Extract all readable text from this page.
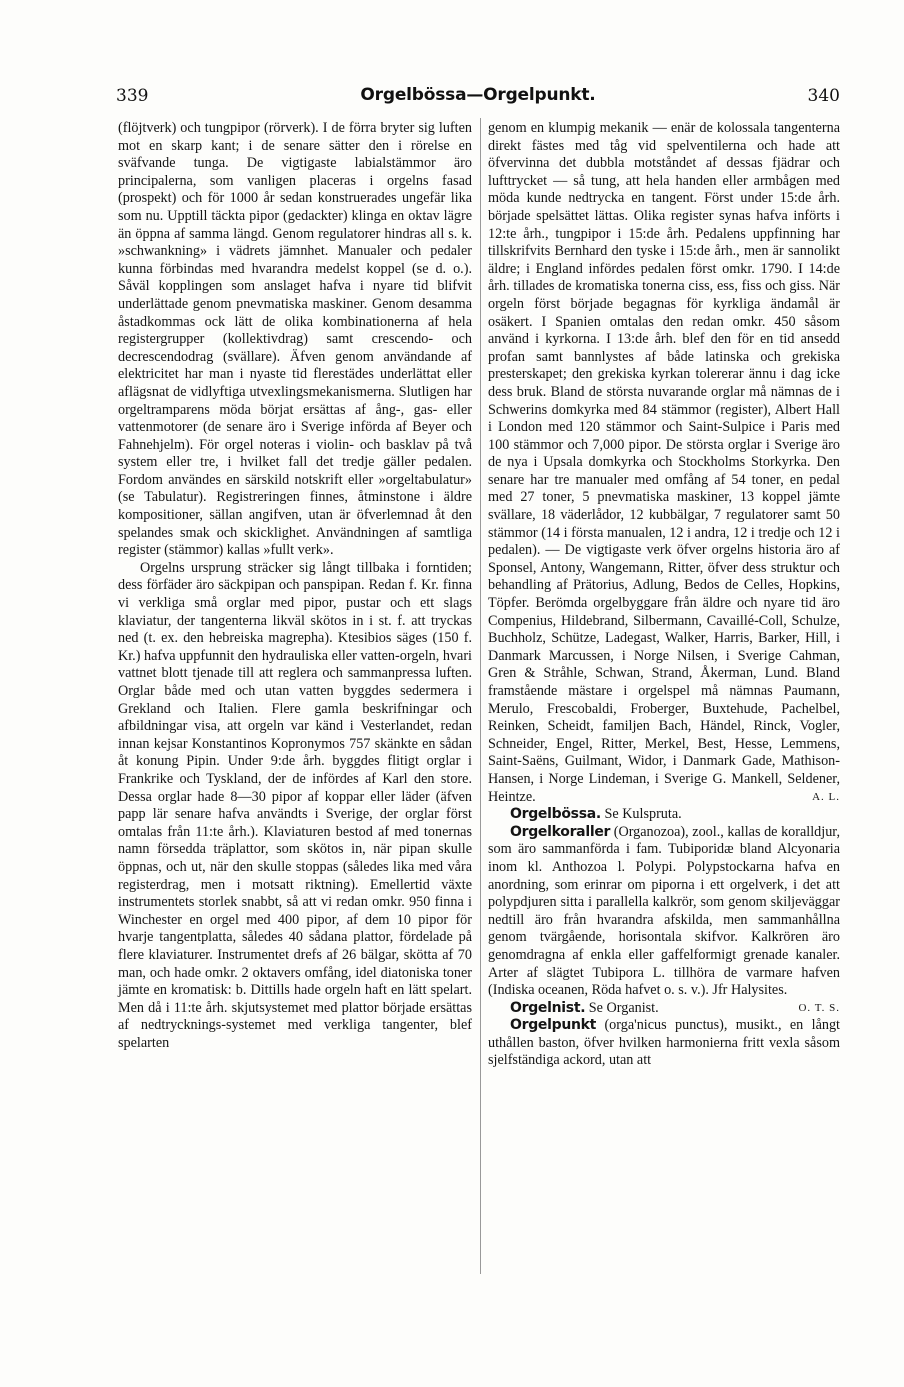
339	Orgelbössa—Orgelpunkt.	340

(flöjtverk) och tungpipor (rörverk). I de förra bryter sig luften mot en skarp kant; i de senare sätter den i rörelse en sväfvande tunga. De vigtigaste labialstämmor äro principalerna, som vanligen placeras i orgelns fasad (prospekt) och för 1000 år sedan konstruerades ungefär lika som nu. Upptill täckta pipor (gedackter) klinga en oktav lägre än öppna af samma längd. Genom regulatorer hindras all s. k. »schwankning» i vädrets jämnhet. Manualer och pedaler kunna förbindas med hvarandra medelst koppel (se d. o.). Såväl kopplingen som anslaget hafva i nyare tid blifvit underlättade genom pnevmatiska maskiner. Genom desamma åstadkommas ock lätt de olika kombinationerna af hela registergrupper (kollektivdrag) samt crescendo- och decrescendodrag (svällare). Äfven genom användande af elektricitet har man i nyaste tid flerestädes underlättat eller aflägsnat de vidlyftiga utvexlingsmekanismerna. Slutligen har orgeltramparens möda börjat ersättas af ång-, gas- eller vattenmotorer (de senare äro i Sverige införda af Beyer och Fahnehjelm). För orgel noteras i violin- och basklav på två system eller tre, i hvilket fall det tredje gäller pedalen. Fordom användes en särskild notskrift eller »orgeltabulatur» (se Tabulatur). Registreringen finnes, åtminstone i äldre kompositioner, sällan angifven, utan är öfverlemnad åt den spelandes smak och skicklighet. Användningen af samtliga register (stämmor) kallas »fullt verk».

Orgelns ursprung sträcker sig långt tillbaka i forntiden; dess förfäder äro säckpipan och panspipan. Redan f. Kr. finna vi verkliga små orglar med pipor, pustar och ett slags klaviatur, der tangenterna likväl skötos in i st. f. att tryckas ned (t. ex. den hebreiska magrepha). Ktesibios säges (150 f. Kr.) hafva uppfunnit den hydrauliska eller vatten-orgeln, hvari vattnet blott tjenade till att reglera och sammanpressa luften. Orglar både med och utan vatten byggdes sedermera i Grekland och Italien. Flere gamla beskrifningar och afbildningar visa, att orgeln var känd i Vesterlandet, redan innan kejsar Konstantinos Kopronymos 757 skänkte en sådan åt konung Pipin. Under 9:de årh. byggdes flitigt orglar i Frankrike och Tyskland, der de infördes af Karl den store. Dessa orglar hade 8—30 pipor af koppar eller läder (äfven papp lär senare hafva användts i Sverige, der orglar först omtalas från 11:te årh.). Klaviaturen bestod af med tonernas namn försedda träplattor, som skötos in, när pipan skulle öppnas, och ut, när den skulle stoppas (således lika med våra registerdrag, men i motsatt riktning). Emellertid växte instrumentets storlek snabbt, så att vi redan omkr. 950 finna i Winchester en orgel med 400 pipor, af dem 10 pipor för hvarje tangentplatta, således 40 sådana plattor, fördelade på flere klaviaturer. Instrumentet drefs af 26 bälgar, skötta af 70 man, och hade omkr. 2 oktavers omfång, idel diatoniska toner jämte en kromatisk: b. Dittills hade orgeln haft en lätt spelart. Men då i 11:te årh. skjutsystemet med plattor började ersättas af nedtrycknings-systemet med verkliga tangenter, blef spelarten

genom en klumpig mekanik — enär de kolossala tangenterna direkt fästes med tåg vid spelventilerna och hade att öfvervinna det dubbla motståndet af dessas fjädrar och lufttrycket — så tung, att hela handen eller armbågen med möda kunde nedtrycka en tangent. Först under 15:de årh. började spelsättet lättas. Olika register synas hafva införts i 12:te årh., tungpipor i 15:de årh. Pedalens uppfinning har tillskrifvits Bernhard den tyske i 15:de årh., men är sannolikt äldre; i England infördes pedalen först omkr. 1790. I 14:de årh. tillades de kromatiska tonerna ciss, ess, fiss och giss. När orgeln först började begagnas för kyrkliga ändamål är osäkert. I Spanien omtalas den redan omkr. 450 såsom använd i kyrkorna. I 13:de årh. blef den för en tid ansedd profan samt bannlystes af både latinska och grekiska presterskapet; den grekiska kyrkan tolererar ännu i dag icke dess bruk. Bland de största nuvarande orglar må nämnas de i Schwerins domkyrka med 84 stämmor (register), Albert Hall i London med 120 stämmor och Saint-Sulpice i Paris med 100 stämmor och 7,000 pipor. De största orglar i Sverige äro de nya i Upsala domkyrka och Stockholms Storkyrka. Den senare har tre manualer med omfång af 54 toner, en pedal med 27 toner, 5 pnevmatiska maskiner, 13 koppel jämte svällare, 18 väderlådor, 12 kubbälgar, 7 regulatorer samt 50 stämmor (14 i första manualen, 12 i andra, 12 i tredje och 12 i pedalen). — De vigtigaste verk öfver orgelns historia äro af Sponsel, Antony, Wangemann, Ritter, öfver dess struktur och behandling af Prätorius, Adlung, Bedos de Celles, Hopkins, Töpfer. Berömda orgelbyggare från äldre och nyare tid äro Compenius, Hildebrand, Silbermann, Cavaillé-Coll, Schulze, Buchholz, Schütze, Ladegast, Walker, Harris, Barker, Hill, i Danmark Marcussen, i Norge Nilsen, i Sverige Cahman, Gren & Stråhle, Schwan, Strand, Åkerman, Lund. Bland framstående mästare i orgelspel må nämnas Paumann, Merulo, Frescobaldi, Froberger, Buxtehude, Pachelbel, Reinken, Scheidt, familjen Bach, Händel, Rinck, Vogler, Schneider, Engel, Ritter, Merkel, Best, Hesse, Lemmens, Saint-Saëns, Guilmant, Widor, i Danmark Gade, Mathison-Hansen, i Norge Lindeman, i Sverige G. Mankell, Seldener, Heintze.	A. L.

Orgelbössa. Se Kulspruta.

Orgelkoraller (Organozoa), zool., kallas de koralldjur, som äro sammanförda i fam. Tubiporidæ bland Alcyonaria inom kl. Anthozoa l. Polypi. Polypstockarna hafva en anordning, som erinrar om piporna i ett orgelverk, i det att polypdjuren sitta i parallella kalkrör, som genom skiljeväggar nedtill äro från hvarandra afskilda, men sammanhållna genom tvärgående, horisontala skifvor. Kalkrören äro genomdragna af enkla eller gaffelformigt grenade kanaler. Arter af slägtet Tubipora L. tillhöra de varmare hafven (Indiska oceanen, Röda hafvet o. s. v.). Jfr Halysites.
O. T. S.

Orgelnist. Se Organist.

Orgelpunkt (orga'nicus punctus), musikt., en långt uthållen baston, öfver hvilken harmonierna fritt vexla såsom sjelfständiga ackord, utan att
